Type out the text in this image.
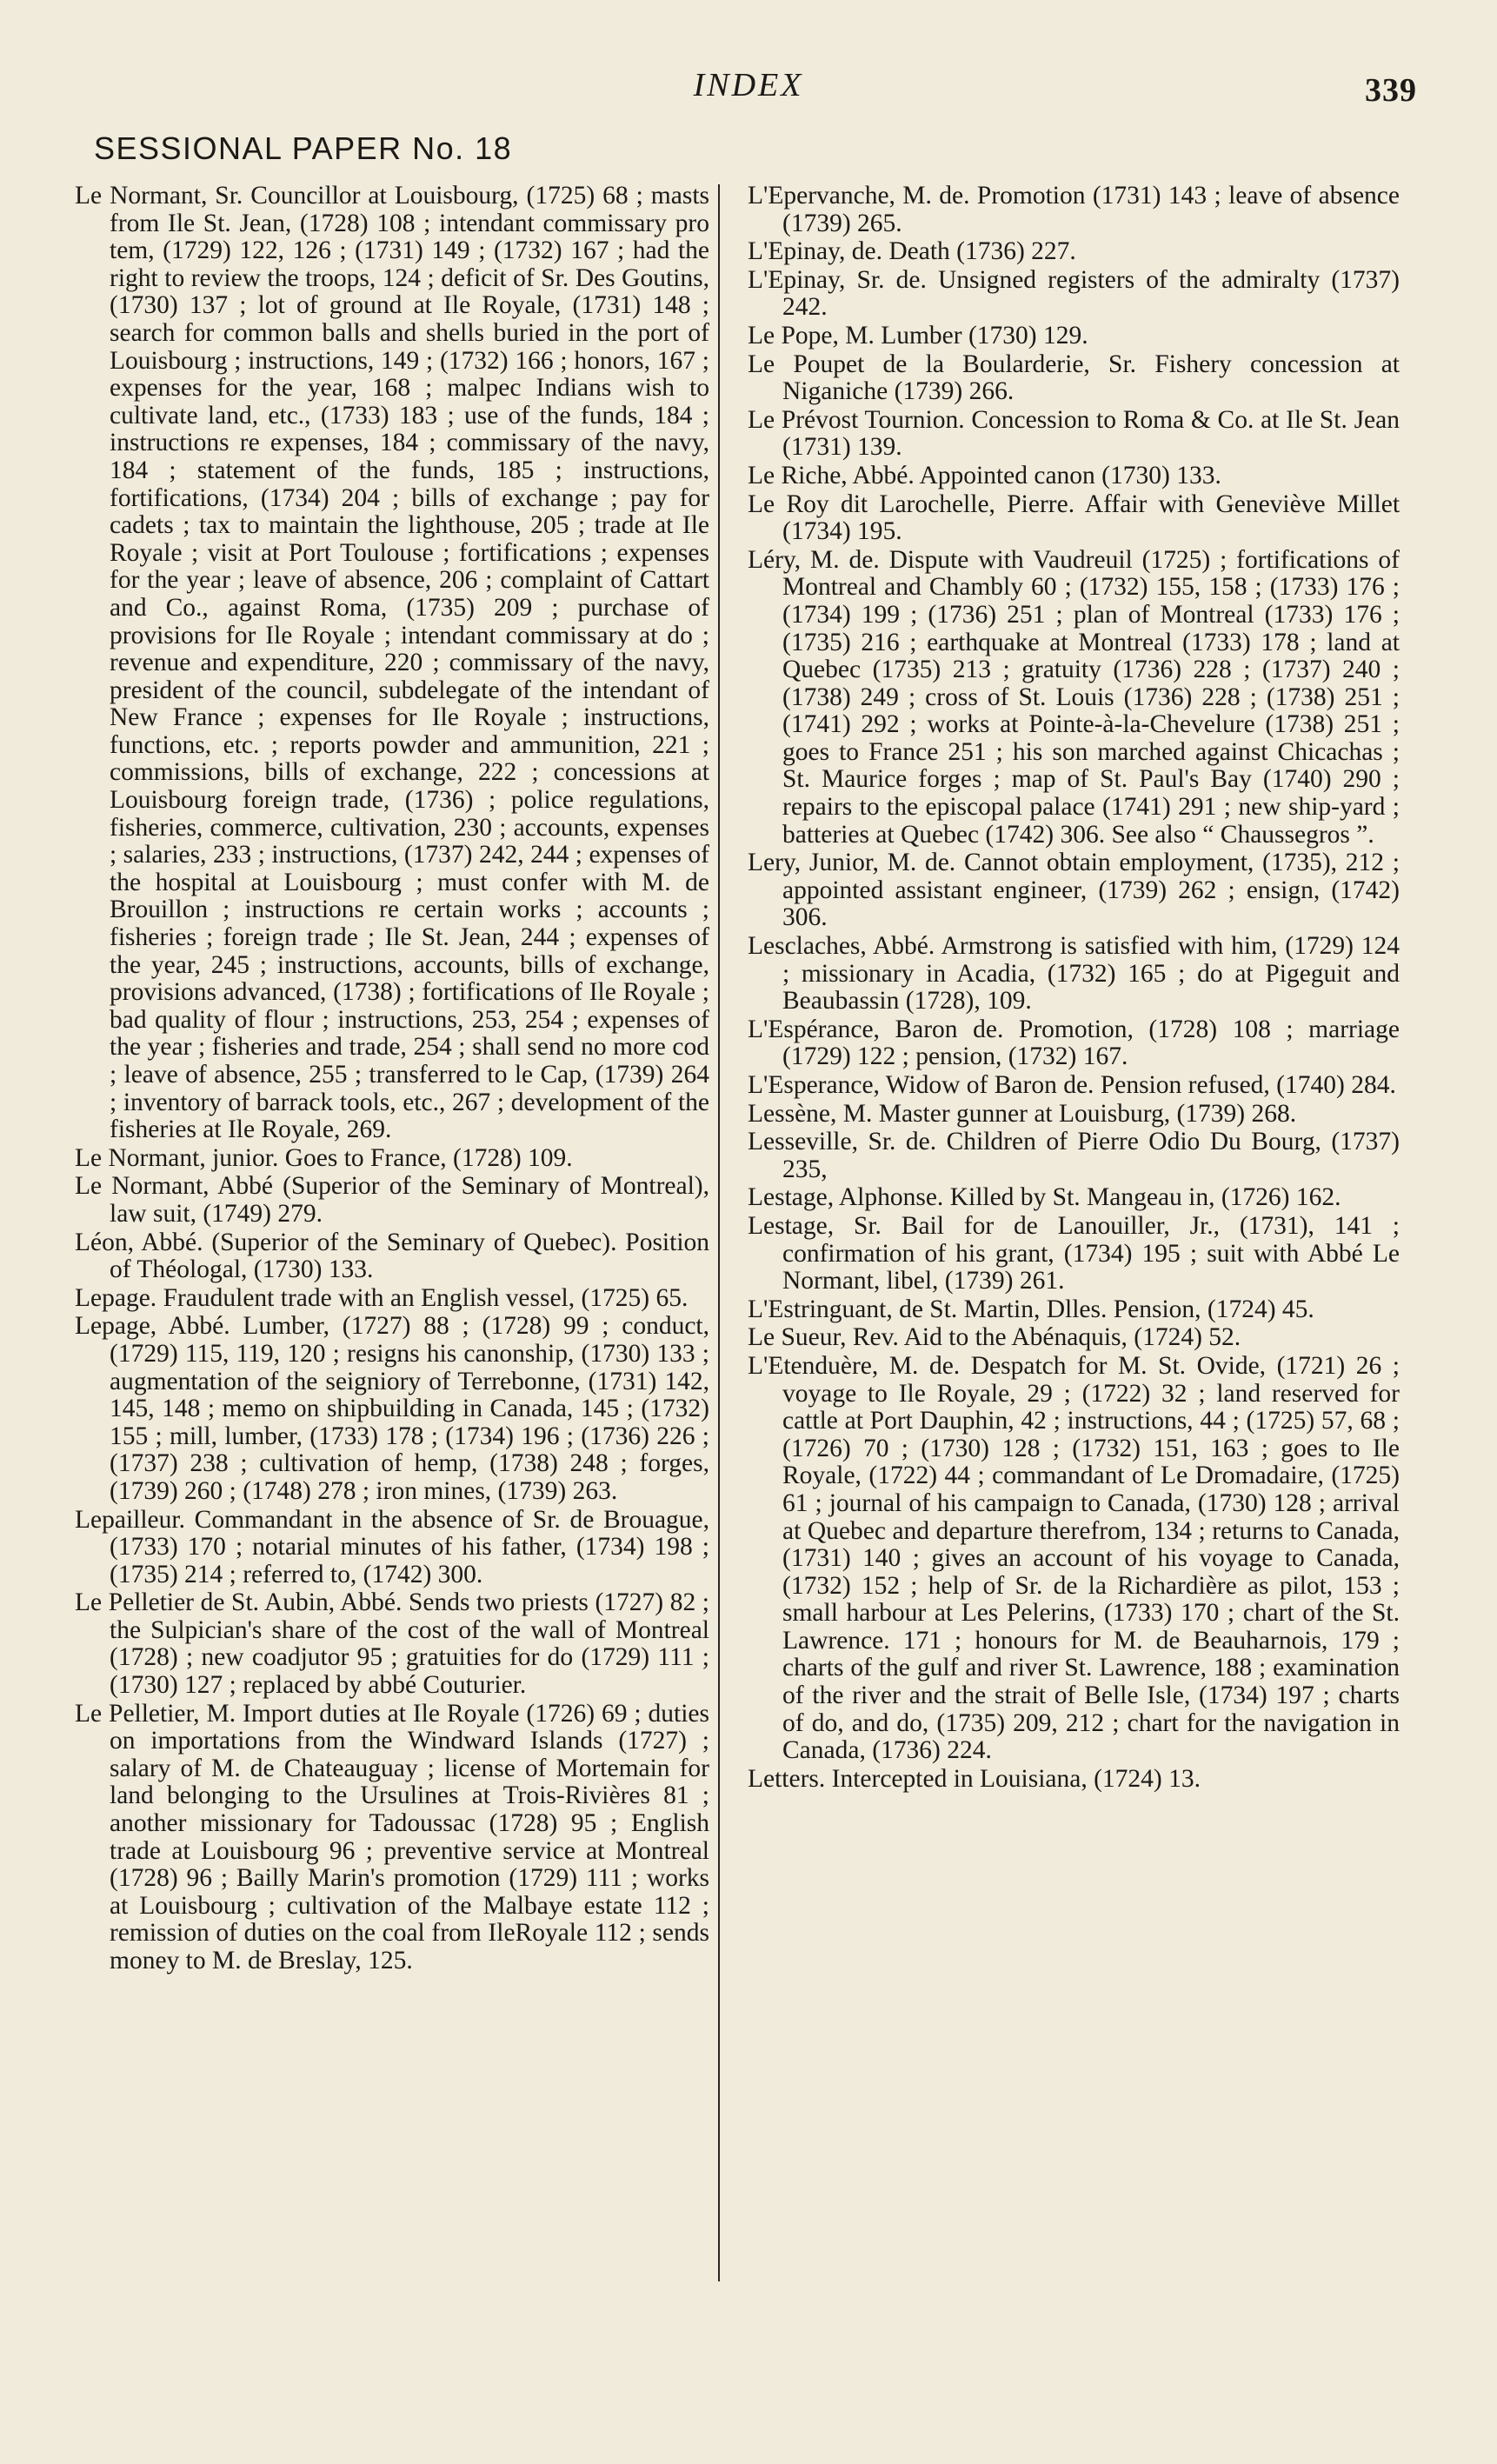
INDEX	339
SESSIONAL PAPER No. 18

Le Normant, Sr. Councillor at Louisbourg, (1725) 68 ; masts from Ile St. Jean, (1728) 108 ; intendant commissary pro tem, (1729) 122, 126 ; (1731) 149 ; (1732) 167 ; had the right to review the troops, 124 ; deficit of Sr. Des Goutins, (1730) 137 ; lot of ground at Ile Royale, (1731) 148 ; search for common balls and shells buried in the port of Louisbourg ; instructions, 149 ; (1732) 166 ; honors, 167 ; expenses for the year, 168 ; malpec Indians wish to cultivate land, etc., (1733) 183 ; use of the funds, 184 ; instructions re expenses, 184 ; commissary of the navy, 184 ; statement of the funds, 185 ; instructions, fortifications, (1734) 204 ; bills of exchange ; pay for cadets ; tax to maintain the lighthouse, 205 ; trade at Ile Royale ; visit at Port Toulouse ; fortifications ; expenses for the year ; leave of absence, 206 ; complaint of Cattart and Co., against Roma, (1735) 209 ; purchase of provisions for Ile Royale ; intendant commissary at do ; revenue and expenditure, 220 ; commissary of the navy, president of the council, subdelegate of the intendant of New France ; expenses for Ile Royale ; instructions, functions, etc. ; reports powder and ammunition, 221 ; commissions, bills of exchange, 222 ; concessions at Louisbourg foreign trade, (1736) ; police regulations, fisheries, commerce, cultivation, 230 ; accounts, expenses ; salaries, 233 ; instructions, (1737) 242, 244 ; expenses of the hospital at Louisbourg ; must confer with M. de Brouillon ; instructions re certain works ; accounts ; fisheries ; foreign trade ; Ile St. Jean, 244 ; expenses of the year, 245 ; instructions, accounts, bills of exchange, provisions advanced, (1738) ; fortifications of Ile Royale ; bad quality of flour ; instructions, 253, 254 ; expenses of the year ; fisheries and trade, 254 ; shall send no more cod ; leave of absence, 255 ; transferred to le Cap, (1739) 264 ; inventory of barrack tools, etc., 267 ; development of the fisheries at Ile Royale, 269.

Le Normant, junior. Goes to France, (1728) 109.

Le Normant, Abbé (Superior of the Seminary of Montreal), law suit, (1749) 279.

Léon, Abbé. (Superior of the Seminary of Quebec). Position of Théologal, (1730) 133.

Lepage. Fraudulent trade with an English vessel, (1725) 65.

Lepage, Abbé. Lumber, (1727) 88 ; (1728) 99 ; conduct, (1729) 115, 119, 120 ; resigns his canonship, (1730) 133 ; augmentation of the seigniory of Terrebonne, (1731) 142, 145, 148 ; memo on shipbuilding in Canada, 145 ; (1732) 155 ; mill, lumber, (1733) 178 ; (1734) 196 ; (1736) 226 ; (1737) 238 ; cultivation of hemp, (1738) 248 ; forges, (1739) 260 ; (1748) 278 ; iron mines, (1739) 263.

Lepailleur. Commandant in the absence of Sr. de Brouague, (1733) 170 ; notarial minutes of his father, (1734) 198 ; (1735) 214 ; referred to, (1742) 300.

Le Pelletier de St. Aubin, Abbé. Sends two priests (1727) 82 ; the Sulpician's share of the cost of the wall of Montreal (1728) ; new coadjutor 95 ; gratuities for do (1729) 111 ; (1730) 127 ; replaced by abbé Couturier.

Le Pelletier, M. Import duties at Ile Royale (1726) 69 ; duties on importations from the Windward Islands (1727) ; salary of M. de Chateauguay ; license of Mortemain for land belonging to the Ursulines at Trois-Rivières 81 ; another missionary for Tadoussac (1728) 95 ; English trade at Louisbourg 96 ; preventive service at Montreal (1728) 96 ; Bailly Marin's promotion (1729) 111 ; works at Louisbourg ; cultivation of the Malbaye estate 112 ; remission of duties on the coal from IleRoyale 112 ; sends money to M. de Breslay, 125.

L'Epervanche, M. de. Promotion (1731) 143 ; leave of absence (1739) 265.

L'Epinay, de. Death (1736) 227.

L'Epinay, Sr. de. Unsigned registers of the admiralty (1737) 242.

Le Pope, M. Lumber (1730) 129.

Le Poupet de la Boularderie, Sr. Fishery concession at Niganiche (1739) 266.

Le Prévost Tournion. Concession to Roma & Co. at Ile St. Jean (1731) 139.

Le Riche, Abbé. Appointed canon (1730) 133.

Le Roy dit Larochelle, Pierre. Affair with Geneviève Millet (1734) 195.

Léry, M. de. Dispute with Vaudreuil (1725) ; fortifications of Montreal and Chambly 60 ; (1732) 155, 158 ; (1733) 176 ; (1734) 199 ; (1736) 251 ; plan of Montreal (1733) 176 ; (1735) 216 ; earthquake at Montreal (1733) 178 ; land at Quebec (1735) 213 ; gratuity (1736) 228 ; (1737) 240 ; (1738) 249 ; cross of St. Louis (1736) 228 ; (1738) 251 ; (1741) 292 ; works at Pointe-à-la-Chevelure (1738) 251 ; goes to France 251 ; his son marched against Chicachas ; St. Maurice forges ; map of St. Paul's Bay (1740) 290 ; repairs to the episcopal palace (1741) 291 ; new ship-yard ; batteries at Quebec (1742) 306. See also “ Chaussegros ”.

Lery, Junior, M. de. Cannot obtain employment, (1735), 212 ; appointed assistant engineer, (1739) 262 ; ensign, (1742) 306.

Lesclaches, Abbé. Armstrong is satisfied with him, (1729) 124 ; missionary in Acadia, (1732) 165 ; do at Pigeguit and Beaubassin (1728), 109.

L'Espérance, Baron de. Promotion, (1728) 108 ; marriage (1729) 122 ; pension, (1732) 167.

L'Esperance, Widow of Baron de. Pension refused, (1740) 284.

Lessène, M. Master gunner at Louisburg, (1739) 268.

Lesseville, Sr. de. Children of Pierre Odio Du Bourg, (1737) 235,

Lestage, Alphonse. Killed by St. Mangeau in, (1726) 162.

Lestage, Sr. Bail for de Lanouiller, Jr., (1731), 141 ; confirmation of his grant, (1734) 195 ; suit with Abbé Le Normant, libel, (1739) 261.

L'Estringuant, de St. Martin, Dlles. Pension, (1724) 45.

Le Sueur, Rev. Aid to the Abénaquis, (1724) 52.

L'Etenduère, M. de. Despatch for M. St. Ovide, (1721) 26 ; voyage to Ile Royale, 29 ; (1722) 32 ; land reserved for cattle at Port Dauphin, 42 ; instructions, 44 ; (1725) 57, 68 ; (1726) 70 ; (1730) 128 ; (1732) 151, 163 ; goes to Ile Royale, (1722) 44 ; commandant of Le Dromadaire, (1725) 61 ; journal of his campaign to Canada, (1730) 128 ; arrival at Quebec and departure therefrom, 134 ; returns to Canada, (1731) 140 ; gives an account of his voyage to Canada, (1732) 152 ; help of Sr. de la Richardière as pilot, 153 ; small harbour at Les Pelerins, (1733) 170 ; chart of the St. Lawrence. 171 ; honours for M. de Beauharnois, 179 ; charts of the gulf and river St. Lawrence, 188 ; examination of the river and the strait of Belle Isle, (1734) 197 ; charts of do, and do, (1735) 209, 212 ; chart for the navigation in Canada, (1736) 224.

Letters. Intercepted in Louisiana, (1724) 13.
